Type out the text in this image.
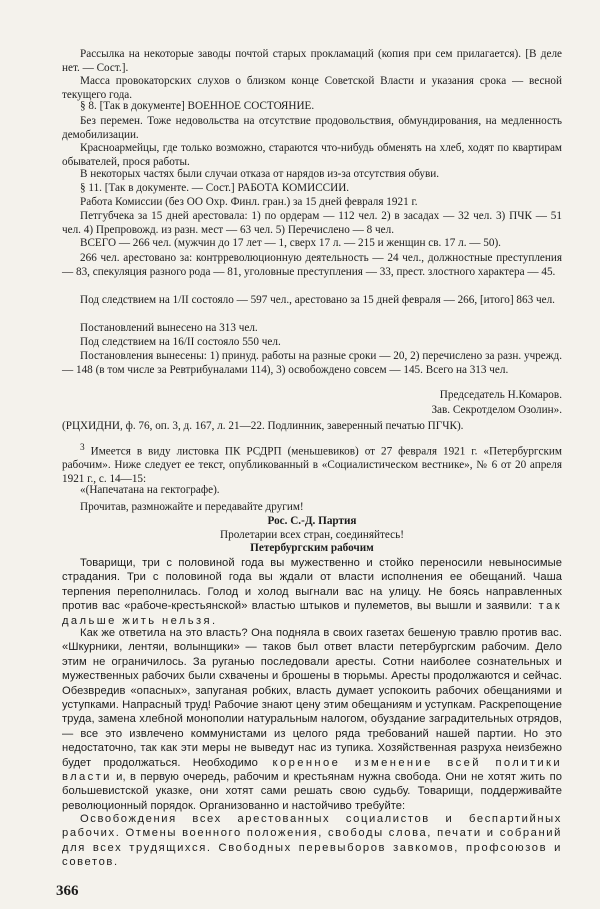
Рассылка на некоторые заводы почтой старых прокламаций (копия при сем прилагается). [В деле нет. — Сост.].

Масса провокаторских слухов о близком конце Советской Власти и указания срока — весной текущего года.

§ 8. [Так в документе] ВОЕННОЕ СОСТОЯНИЕ.

Без перемен. Тоже недовольства на отсутствие продовольствия, обмундирования, на медленность демобилизации.

Красноармейцы, где только возможно, стараются что-нибудь обменять на хлеб, ходят по квартирам обывателей, прося работы.

В некоторых частях были случаи отказа от нарядов из-за отсутствия обуви.

§ 11. [Так в документе. — Сост.] РАБОТА КОМИССИИ.

Работа Комиссии (без ОО Охр. Финл. гран.) за 15 дней февраля 1921 г.

Петгубчека за 15 дней арестовала: 1) по ордерам — 112 чел. 2) в засадах — 32 чел. 3) ПЧК — 51 чел. 4) Препровожд. из разн. мест — 63 чел. 5) Перечислено — 8 чел.

ВСЕГО — 266 чел. (мужчин до 17 лет — 1, сверх 17 л. — 215 и женщин св. 17 л. — 50).

266 чел. арестовано за: контрреволюционную деятельность — 24 чел., должностные преступления — 83, спекуляция разного рода — 81, уголовные преступления — 33, прест. злостного характера — 45.

Под следствием на 1/II состояло — 597 чел., арестовано за 15 дней февраля — 266, [итого] 863 чел.

Постановлений вынесено на 313 чел.

Под следствием на 16/II состояло 550 чел.

Постановления вынесены: 1) принуд. работы на разные сроки — 20, 2) перечислено за разн. учрежд. — 148 (в том числе за Ревтрибуналами 114), 3) освобождено совсем — 145. Всего на 313 чел.

Председатель Н.Комаров.

Зав. Секротделом Озолин».

(РЦХИДНИ, ф. 76, оп. 3, д. 167, л. 21—22. Подлинник, заверенный печатью ПГЧК).

$^3$ Имеется в виду листовка ПК РСДРП (меньшевиков) от 27 февраля 1921 г. «Петербургским рабочим». Ниже следует ее текст, опубликованный в «Социалистическом вестнике», № 6 от 20 апреля 1921 г., с. 14—15:

«(Напечатана на гектографе).

Прочитав, размножайте и передавайте другим!

Рос. С.-Д. Партия

Пролетарии всех стран, соединяйтесь!

Петербургским рабочим

Товарищи, три с половиной года вы мужественно и стойко переносили невыносимые страдания. Три с половиной года вы ждали от власти исполнения ее обещаний. Чаша терпения переполнилась. Голод и холод выгнали вас на улицу. Не боясь направленных против вас «рабоче-крестьянской» властью штыков и пулеметов, вы вышли и заявили: так дальше жить нельзя.

Как же ответила на это власть? Она подняла в своих газетах бешеную травлю против вас. «Шкурники, лентяи, волынщики» — таков был ответ власти петербургским рабочим. Дело этим не ограничилось. За руганью последовали аресты. Сотни наиболее сознательных и мужественных рабочих были схвачены и брошены в тюрьмы. Аресты продолжаются и сейчас. Обезвредив «опасных», запуганая робких, власть думает успокоить рабочих обещаниями и уступками. Напрасный труд! Рабочие знают цену этим обещаниям и уступкам. Раскрепощение труда, замена хлебной монополии натуральным налогом, обуздание заградительных отрядов, — все это извлечено коммунистами из целого ряда требований нашей партии. Но это недостаточно, так как эти меры не выведут нас из тупика. Хозяйственная разруха неизбежно будет продолжаться. Необходимо коренное изменение всей политики власти и, в первую очередь, рабочим и крестьянам нужна свобода. Они не хотят жить по большевистской указке, они хотят сами решать свою судьбу. Товарищи, поддерживайте революционный порядок. Организованно и настойчиво требуйте:

Освобождения всех арестованных социалистов и беспартийных рабочих. Отмены военного положения, свободы слова, печати и собраний для всех трудящихся. Свободных перевыборов завкомов, профсоюзов и советов.

366
